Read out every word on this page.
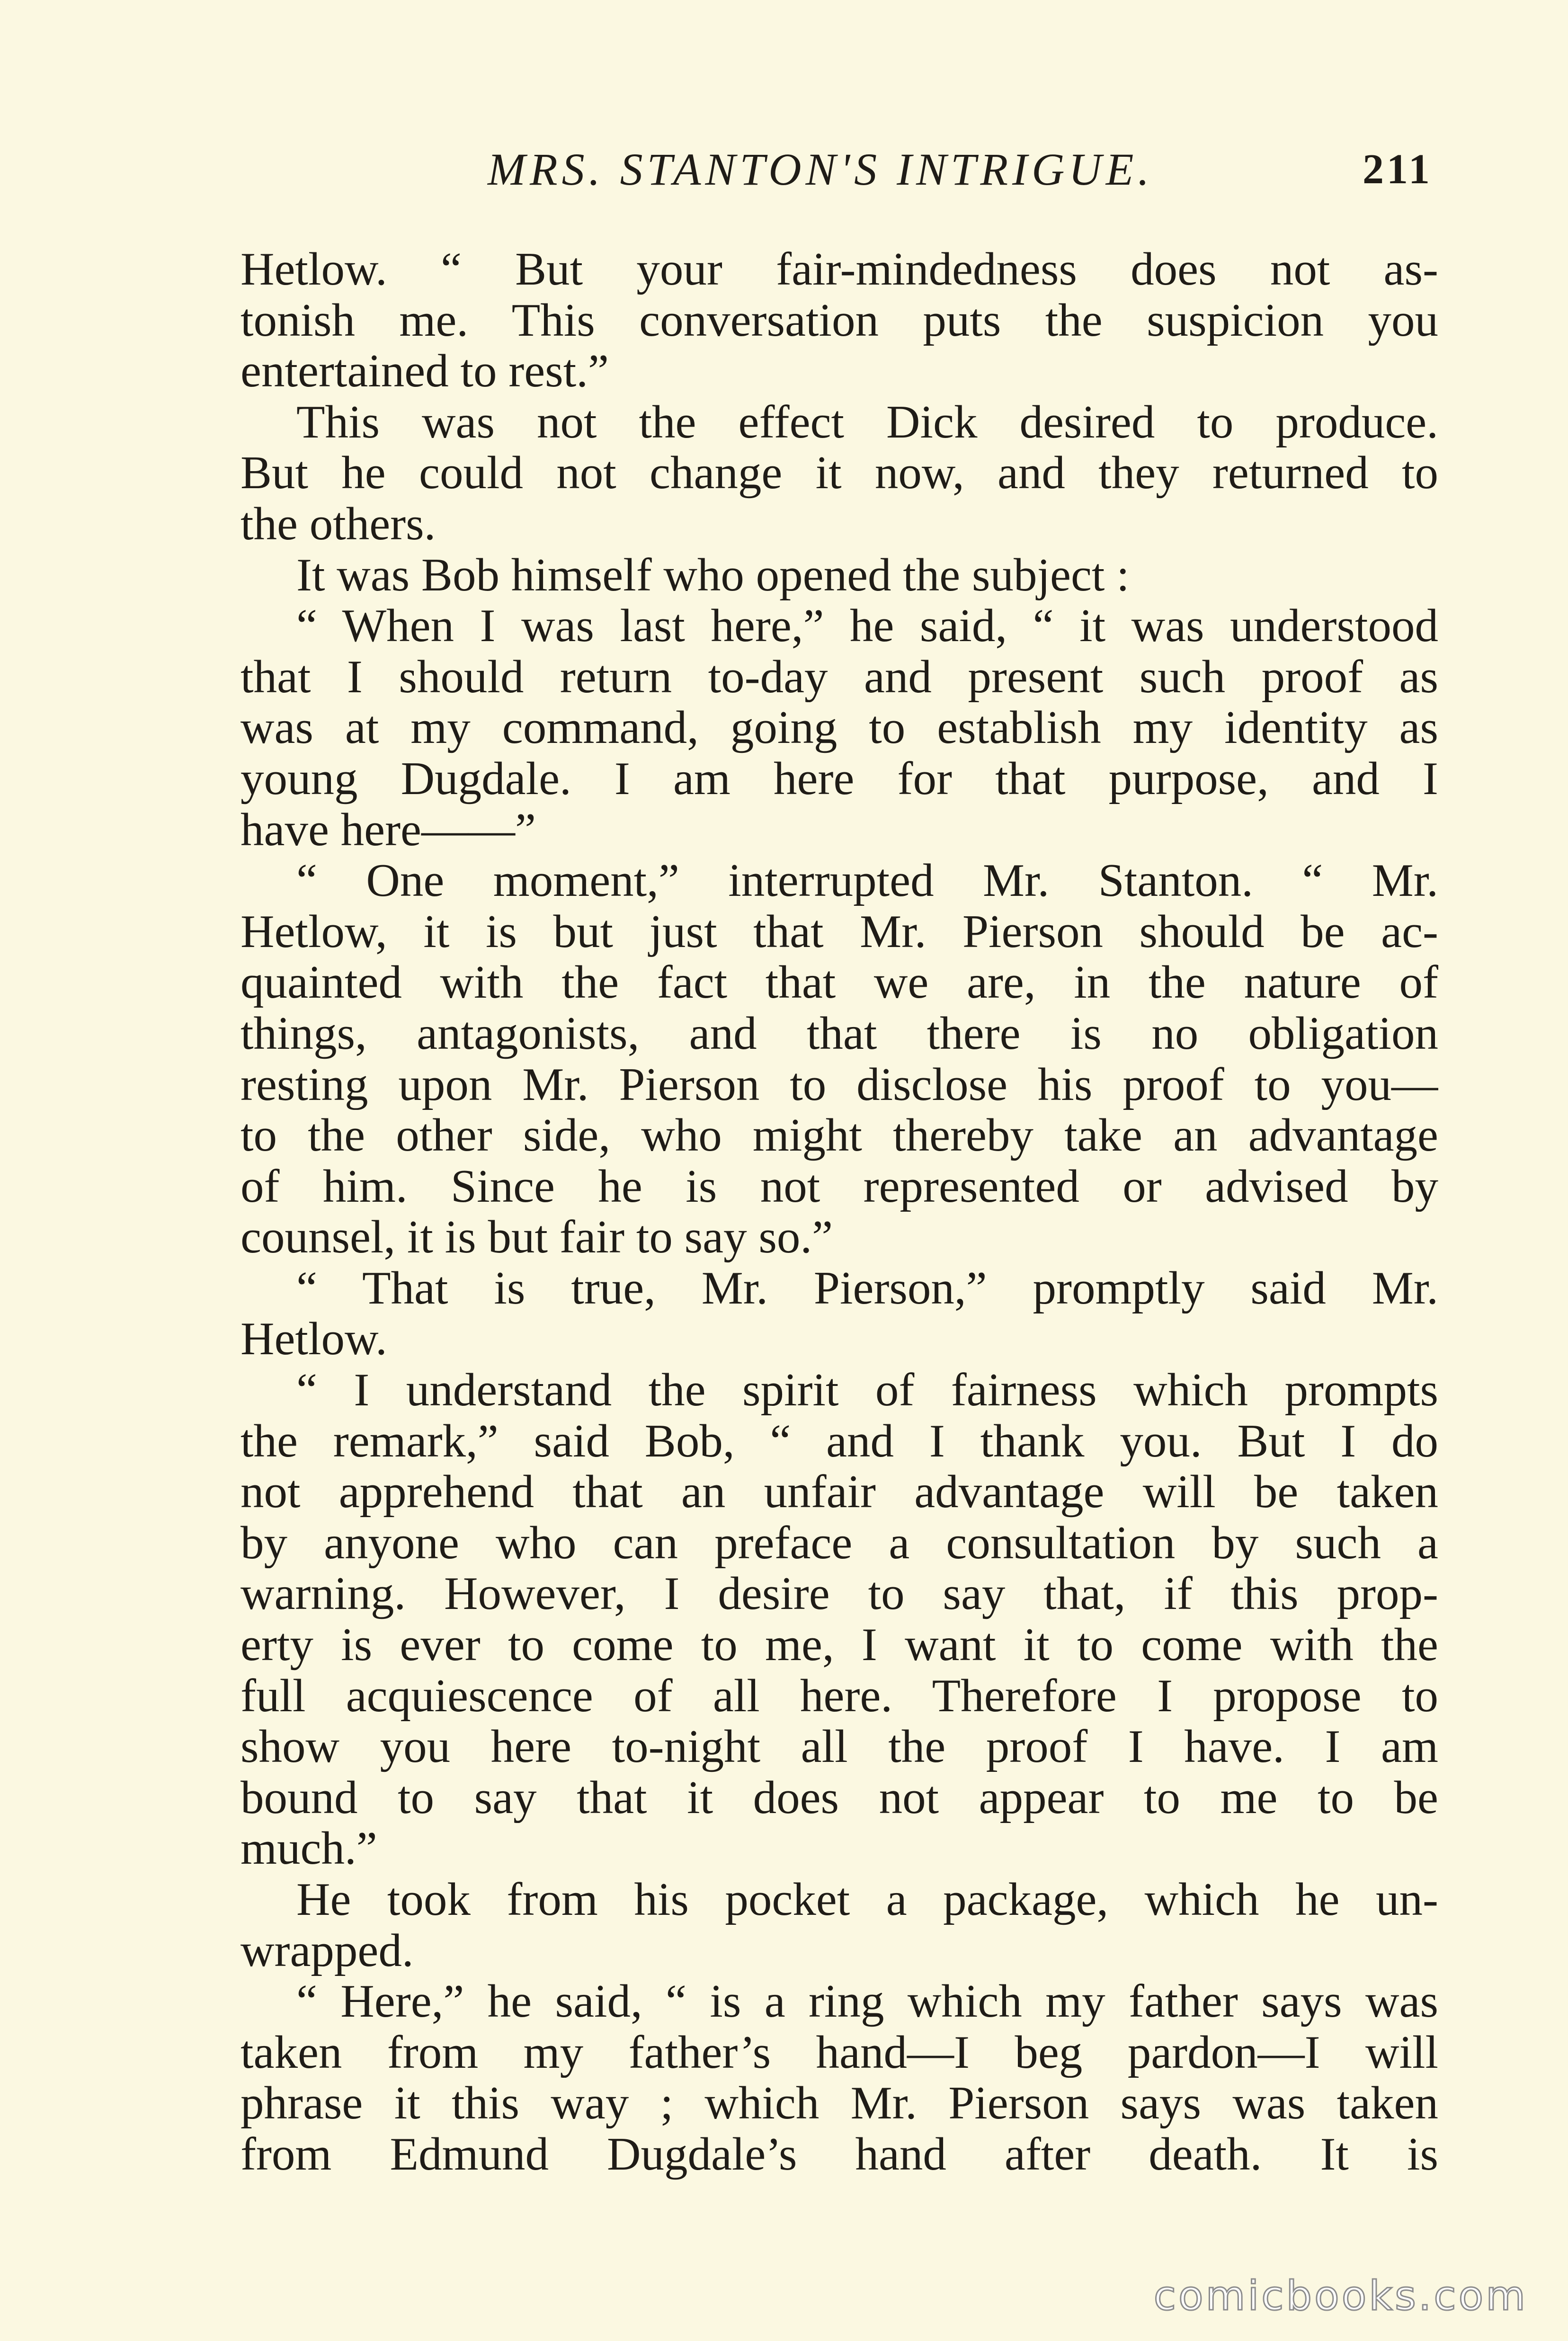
MRS. STANTON'S INTRIGUE.	211
Hetlow. “ But your fair-mindedness does not as-
tonish me. This conversation puts the suspicion you
entertained to rest.”
This was not the effect Dick desired to produce.
But he could not change it now, and they returned to
the others.
It was Bob himself who opened the subject :
“ When I was last here,” he said, “ it was understood
that I should return to-day and present such proof as
was at my command, going to establish my identity as
young Dugdale. I am here for that purpose, and I
have here——”
“ One moment,” interrupted Mr. Stanton. “ Mr.
Hetlow, it is but just that Mr. Pierson should be ac-
quainted with the fact that we are, in the nature of
things, antagonists, and that there is no obligation
resting upon Mr. Pierson to disclose his proof to you—
to the other side, who might thereby take an advantage
of him. Since he is not represented or advised by
counsel, it is but fair to say so.”
“ That is true, Mr. Pierson,” promptly said Mr.
Hetlow.
“ I understand the spirit of fairness which prompts
the remark,” said Bob, “ and I thank you. But I do
not apprehend that an unfair advantage will be taken
by anyone who can preface a consultation by such a
warning. However, I desire to say that, if this prop-
erty is ever to come to me, I want it to come with the
full acquiescence of all here. Therefore I propose to
show you here to-night all the proof I have. I am
bound to say that it does not appear to me to be
much.”
He took from his pocket a package, which he un-
wrapped.
“ Here,” he said, “ is a ring which my father says was
taken from my father’s hand—I beg pardon—I will
phrase it this way ; which Mr. Pierson says was taken
from Edmund Dugdale’s hand after death. It is
comicbooks.com
